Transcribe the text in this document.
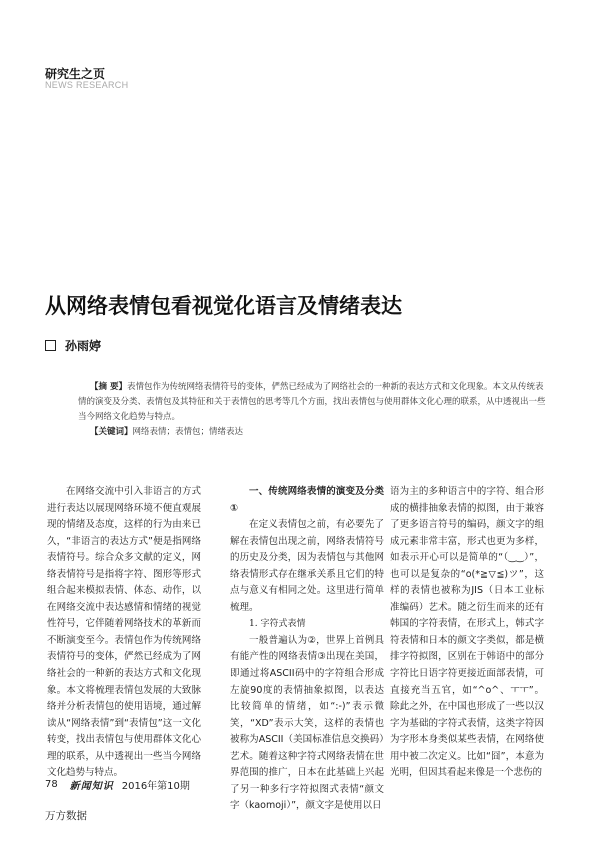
研究生之页
NEWS RESEARCH
从网络表情包看视觉化语言及情绪表达
孙雨婷

【摘 要】表情包作为传统网络表情符号的变体，俨然已经成为了网络社会的一种新的表达方式和文化现象。本文从传统表情的演变及分类、表情包及其特征和关于表情包的思考等几个方面，找出表情包与使用群体文化心理的联系，从中透视出一些当今网络文化趋势与特点。

【关键词】网络表情；表情包；情绪表达

在网络交流中引入非语言的方式进行表达以展现网络环境不便直观展现的情绪及态度，这样的行为由来已久，“非语言的表达方式”便是指网络表情符号。综合众多文献的定义，网络表情符号是指将字符、图形等形式组合起来模拟表情、体态、动作，以在网络交流中表达感情和情绪的视觉性符号，它伴随着网络技术的革新而不断演变至今。表情包作为传统网络表情符号的变体，俨然已经成为了网络社会的一种新的表达方式和文化现象。本文将梳理表情包发展的大致脉络并分析表情包的使用语境，通过解读从“网络表情”到“表情包”这一文化转变，找出表情包与使用群体文化心理的联系，从中透视出一些当今网络文化趋势与特点。

一、传统网络表情的演变及分类①

在定义表情包之前，有必要先了解在表情包出现之前，网络表情符号的历史及分类，因为表情包与其他网络表情形式存在继承关系且它们的特点与意义有相同之处。这里进行简单梳理。

1. 字符式表情

一般普遍认为②，世界上首例具有能产性的网络表情③出现在美国，即通过将ASCII码中的字符组合形成左旋90度的表情抽象拟图，以表达比较简单的情绪，如“:-)”表示微笑，“XD”表示大笑，这样的表情也被称为ASCII（美国标准信息交换码）艺术。随着这种字符式网络表情在世界范围的推广，日本在此基础上兴起了另一种多行字符拟图式表情“颜文字（kaomoji）”，颜文字是使用以日

语为主的多种语言中的字符、组合形成的横排抽象表情的拟图，由于兼容了更多语言符号的编码，颜文字的组成元素非常丰富，形式也更为多样，如表示开心可以是简单的“（‿‿）”，也可以是复杂的“o(*≧▽≦)ツ”，这样的表情也被称为JIS（日本工业标准编码）艺术。随之衍生而来的还有韩国的字符表情，在形式上，韩式字符表情和日本的颜文字类似，都是横排字符拟图，区别在于韩语中的部分字符比日语字符更接近面部表情，可直接充当五官，如“^o^、ㅜㅜ”。除此之外，在中国也形成了一些以汉字为基础的字符式表情，这类字符因为字形本身类似某些表情，在网络使用中被二次定义。比如“囧”，本意为光明，但因其看起来像是一个悲伤的

78 新闻知识 2016年第10期
万方数据
